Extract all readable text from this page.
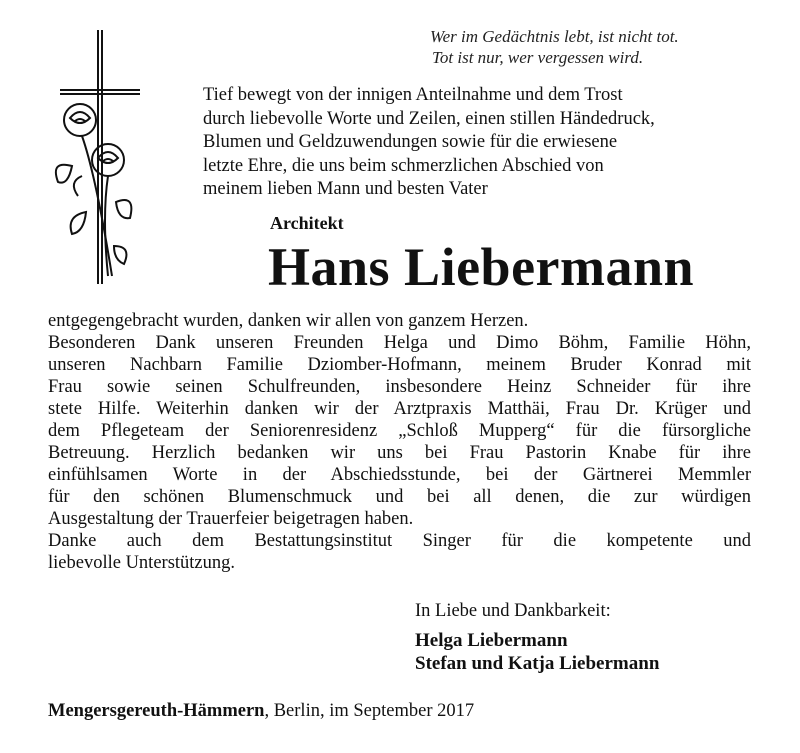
Wer im Gedächtnis lebt, ist nicht tot.
Tot ist nur, wer vergessen wird.
Tief bewegt von der innigen Anteilnahme und dem Trost
durch liebevolle Worte und Zeilen, einen stillen Händedruck,
Blumen und Geldzuwendungen sowie für die erwiesene
letzte Ehre, die uns beim schmerzlichen Abschied von
meinem lieben Mann und besten Vater
Architekt
Hans Liebermann
entgegengebracht wurden, danken wir allen von ganzem Herzen.
Besonderen Dank unseren Freunden Helga und Dimo Böhm, Familie Höhn,
unseren Nachbarn Familie Dziomber-Hofmann, meinem Bruder Konrad mit
Frau sowie seinen Schulfreunden, insbesondere Heinz Schneider für ihre
stete Hilfe. Weiterhin danken wir der Arztpraxis Matthäi, Frau Dr. Krüger und
dem Pflegeteam der Seniorenresidenz „Schloß Mupperg“ für die fürsorgliche
Betreuung. Herzlich bedanken wir uns bei Frau Pastorin Knabe für ihre
einfühlsamen Worte in der Abschiedsstunde, bei der Gärtnerei Memmler
für den schönen Blumenschmuck und bei all denen, die zur würdigen
Ausgestaltung der Trauerfeier beigetragen haben.
Danke auch dem Bestattungsinstitut Singer für die kompetente und
liebevolle Unterstützung.
In Liebe und Dankbarkeit:
Helga Liebermann
Stefan und Katja Liebermann
Mengersgereuth-Hämmern, Berlin, im September 2017
